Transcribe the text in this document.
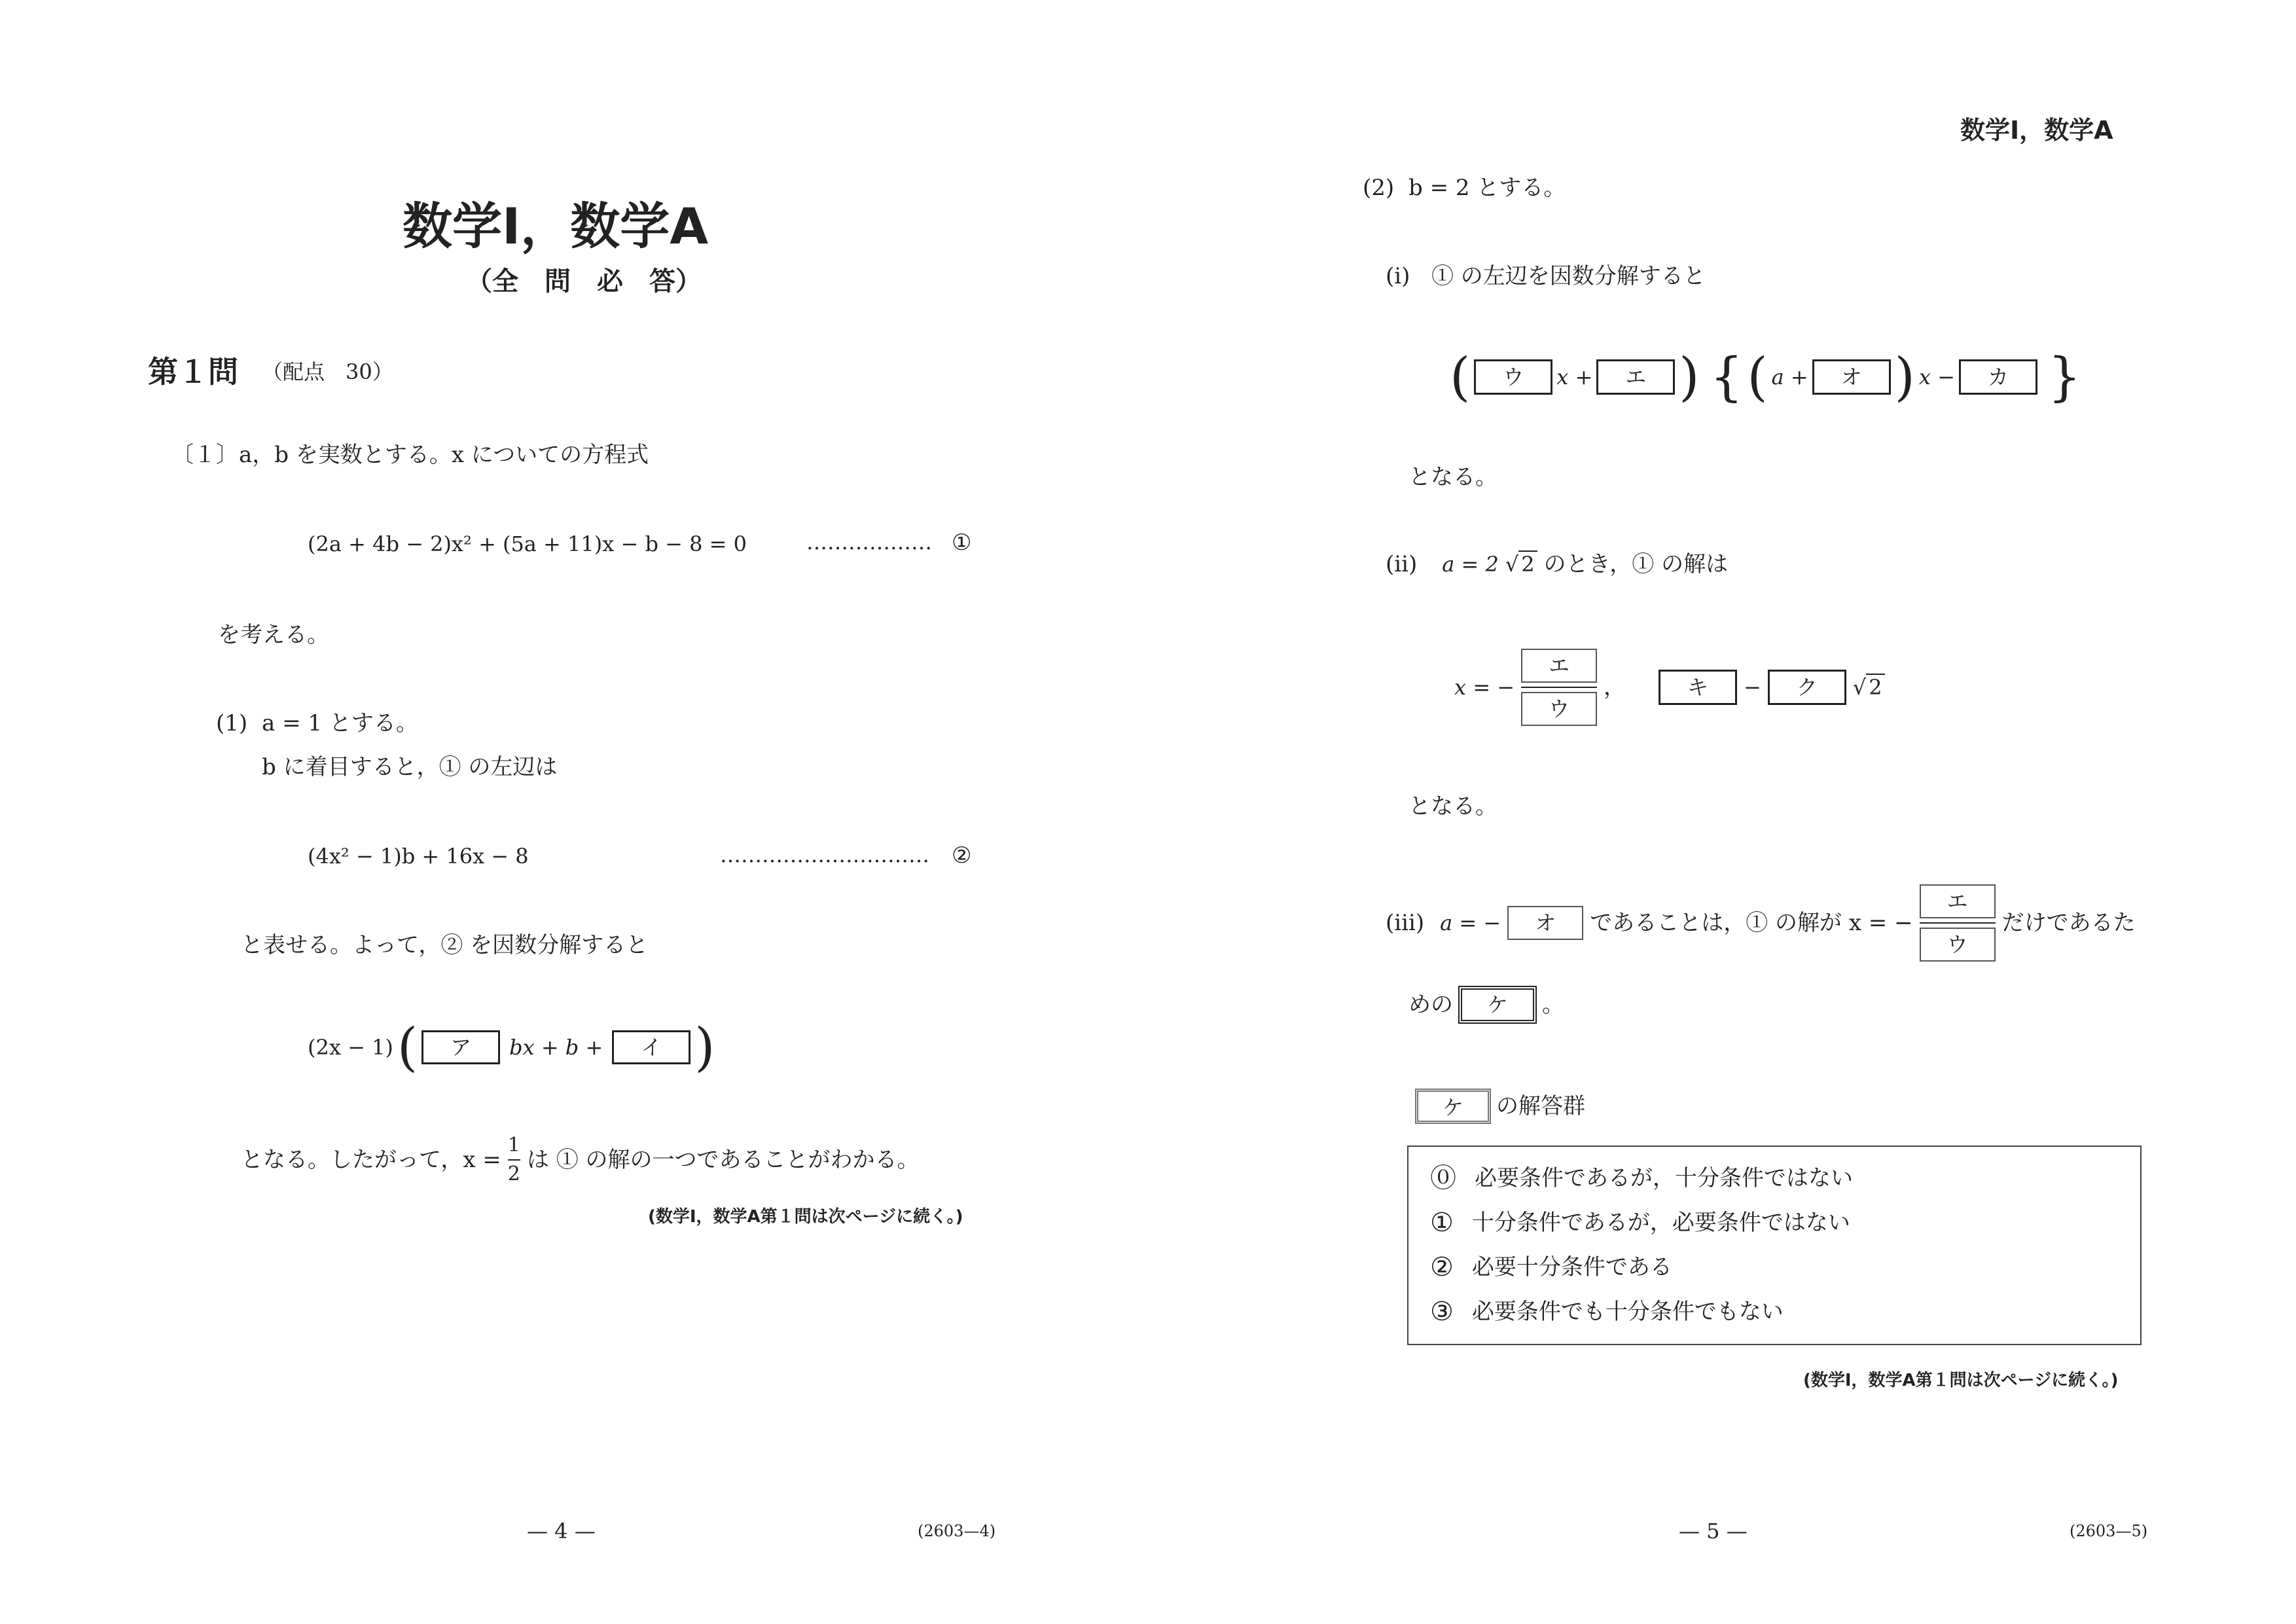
数学Ⅰ，数学A
（全　問　必　答）
第１問 （配点　30）
〔１〕 a，b を実数とする。x についての方程式
(2a + 4b − 2)x² + (5a + 11)x − b − 8 = 0	……………… ①
を考える。
(1) a = 1 とする。
b に着目すると，① の左辺は
(4x² − 1)b + 16x − 8	………………………… ②
と表せる。よって，② を因数分解すると
(2x − 1) (	ア	bx + b +	イ )
となる。したがって，$x = \frac{1}{2}$ は ① の解の一つであることがわかる。
(数学Ⅰ，数学A第１問は次ページに続く。)
— 4 —	(2603—4)
数学Ⅰ，数学A
(2) b = 2 とする。
(i) ① の左辺を因数分解すると
(	ウ	x +	エ ) { ( a +	オ ) x −	カ }
となる。
(ii) a = 2 √ 2 のとき，① の解は
x = − $\frac{\text{エ}}{\text{ウ}}$ ，	キ	−	ク	√ 2
となる。
(iii) a = −	オ	であることは，① の解が x = − $\frac{\text{エ}}{\text{ウ}}$ だけであるた
めの	ケ	。
ケ	の解答群
⓪ 必要条件であるが，十分条件ではない
① 十分条件であるが，必要条件ではない
② 必要十分条件である
③ 必要条件でも十分条件でもない
(数学Ⅰ，数学A第１問は次ページに続く。)
— 5 —	(2603—5)
